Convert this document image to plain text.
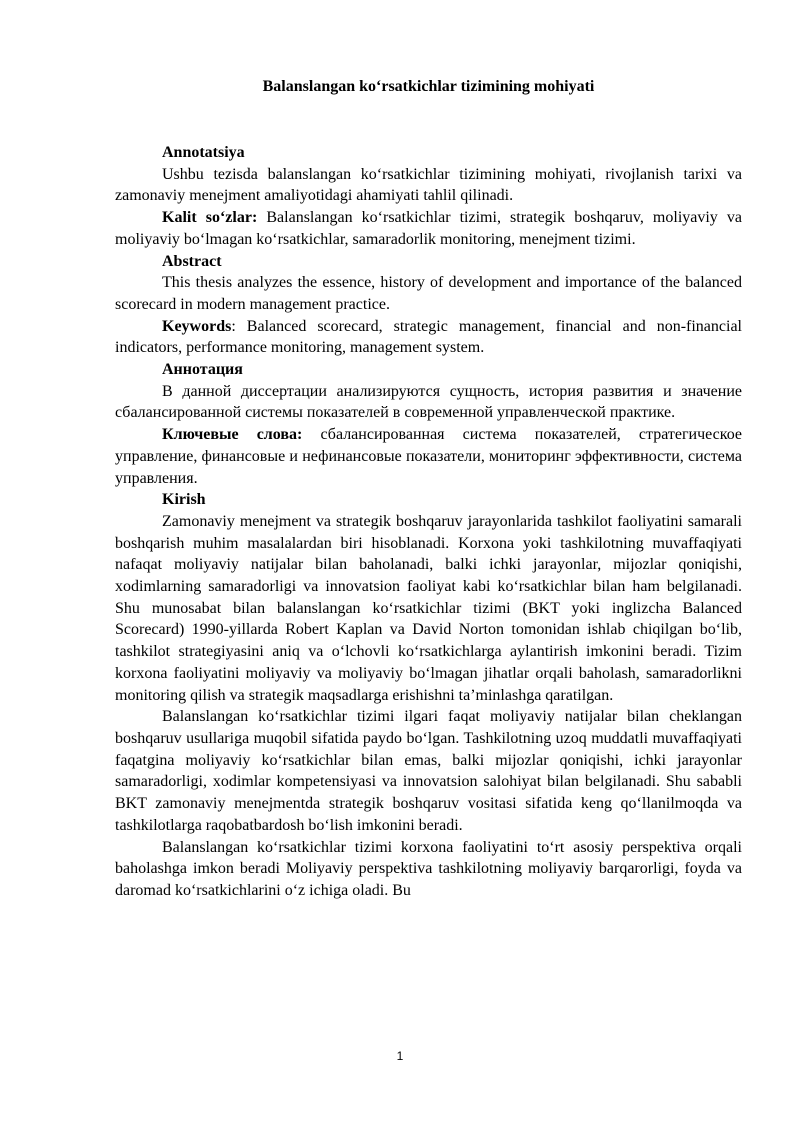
Balanslangan ko‘rsatkichlar tizimining mohiyati
Annotatsiya

Ushbu tezisda balanslangan ko‘rsatkichlar tizimining mohiyati, rivojlanish tarixi va zamonaviy menejment amaliyotidagi ahamiyati tahlil qilinadi.

Kalit so‘zlar: Balanslangan ko‘rsatkichlar tizimi, strategik boshqaruv, moliyaviy va moliyaviy bo‘lmagan ko‘rsatkichlar, samaradorlik monitoring, menejment tizimi.

Abstract

This thesis analyzes the essence, history of development and importance of the balanced scorecard in modern management practice.

Keywords: Balanced scorecard, strategic management, financial and non-financial indicators, performance monitoring, management system.

Аннотация

В данной диссертации анализируются сущность, история развития и значение сбалансированной системы показателей в современной управленческой практике.

Ключевые слова: сбалансированная система показателей, стратегическое управление, финансовые и нефинансовые показатели, мониторинг эффективности, система управления.

Kirish

Zamonaviy menejment va strategik boshqaruv jarayonlarida tashkilot faoliyatini samarali boshqarish muhim masalalardan biri hisoblanadi. Korxona yoki tashkilotning muvaffaqiyati nafaqat moliyaviy natijalar bilan baholanadi, balki ichki jarayonlar, mijozlar qoniqishi, xodimlarning samaradorligi va innovatsion faoliyat kabi ko‘rsatkichlar bilan ham belgilanadi. Shu munosabat bilan balanslangan ko‘rsatkichlar tizimi (BKT yoki inglizcha Balanced Scorecard) 1990-yillarda Robert Kaplan va David Norton tomonidan ishlab chiqilgan bo‘lib, tashkilot strategiyasini aniq va o‘lchovli ko‘rsatkichlarga aylantirish imkonini beradi. Tizim korxona faoliyatini moliyaviy va moliyaviy bo‘lmagan jihatlar orqali baholash, samaradorlikni monitoring qilish va strategik maqsadlarga erishishni ta’minlashga qaratilgan.

Balanslangan ko‘rsatkichlar tizimi ilgari faqat moliyaviy natijalar bilan cheklangan boshqaruv usullariga muqobil sifatida paydo bo‘lgan. Tashkilotning uzoq muddatli muvaffaqiyati faqatgina moliyaviy ko‘rsatkichlar bilan emas, balki mijozlar qoniqishi, ichki jarayonlar samaradorligi, xodimlar kompetensiyasi va innovatsion salohiyat bilan belgilanadi. Shu sababli BKT zamonaviy menejmentda strategik boshqaruv vositasi sifatida keng qo‘llanilmoqda va tashkilotlarga raqobatbardosh bo‘lish imkonini beradi.

Balanslangan ko‘rsatkichlar tizimi korxona faoliyatini to‘rt asosiy perspektiva orqali baholashga imkon beradi Moliyaviy perspektiva tashkilotning moliyaviy barqarorligi, foyda va daromad ko‘rsatkichlarini o‘z ichiga oladi. Bu

1
